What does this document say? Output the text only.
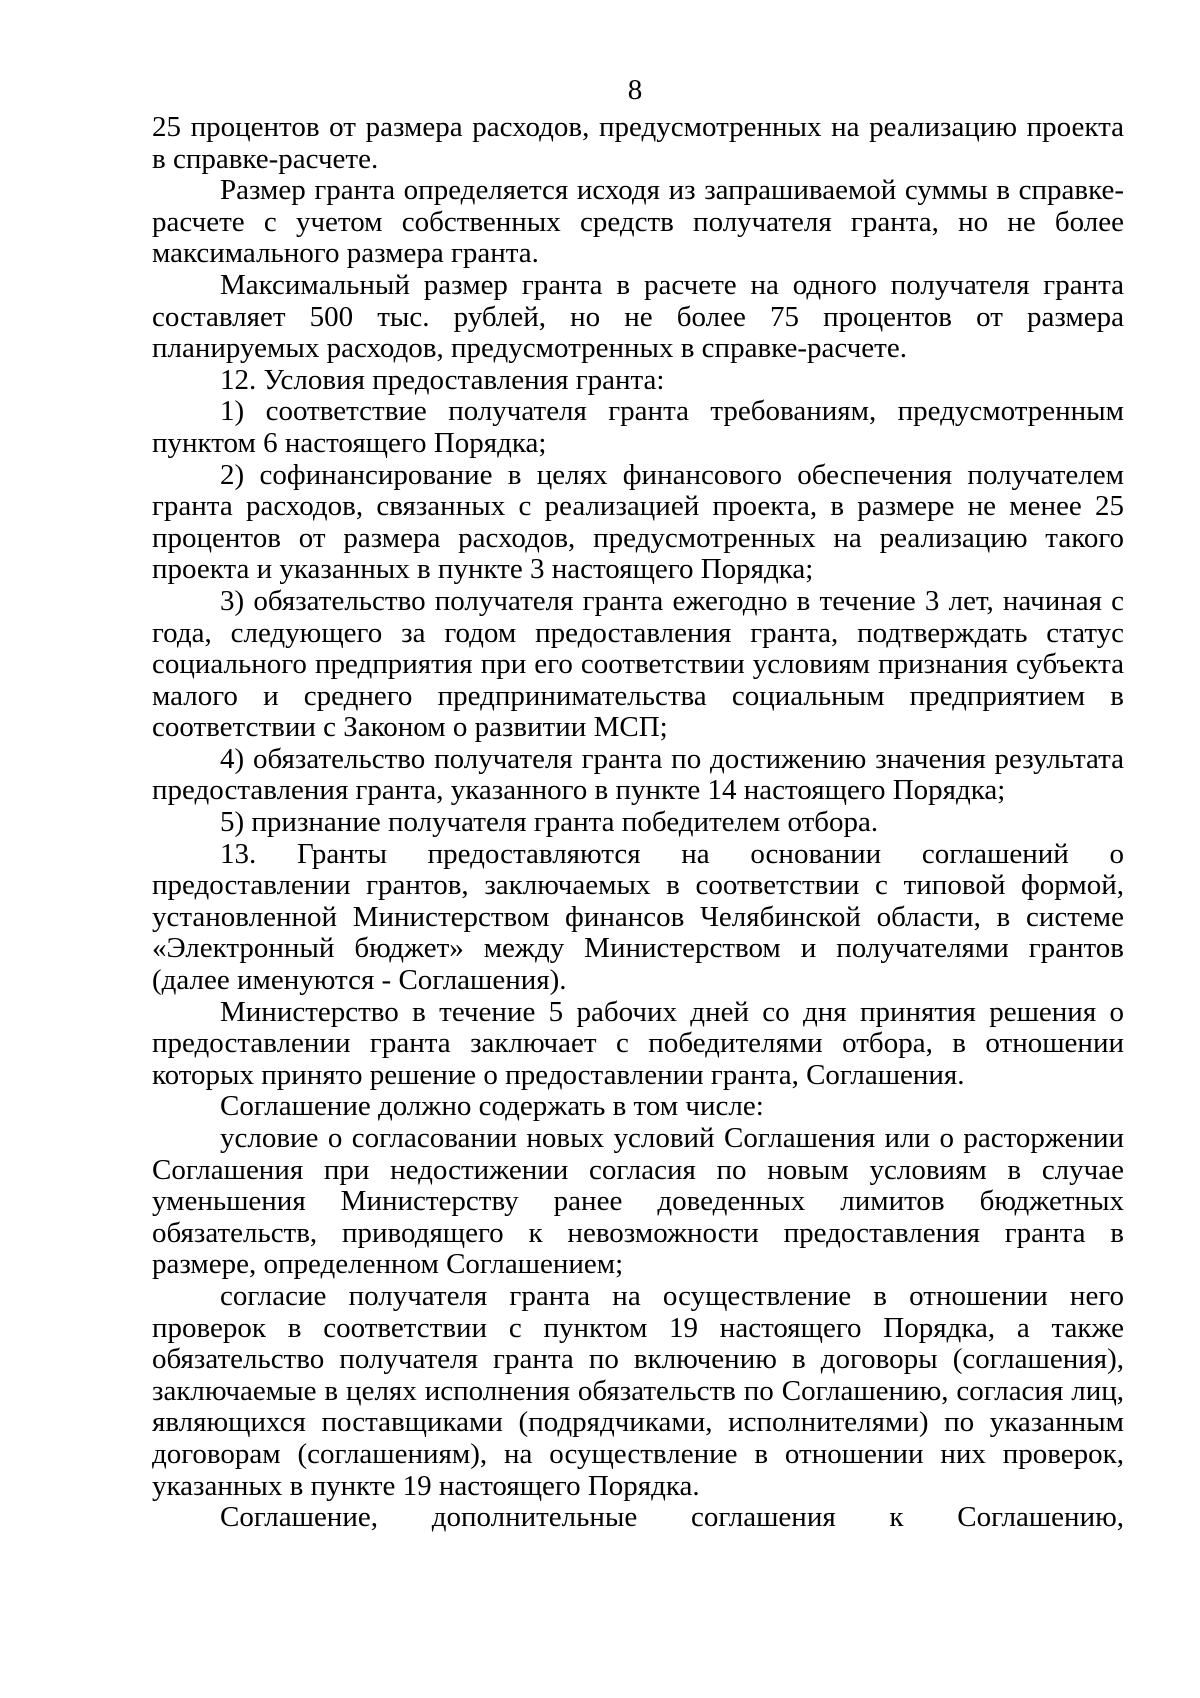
8

25 процентов от размера расходов, предусмотренных на реализацию проекта в справке-расчете.

Размер гранта определяется исходя из запрашиваемой суммы в справке-расчете с учетом собственных средств получателя гранта, но не более максимального размера гранта.

Максимальный размер гранта в расчете на одного получателя гранта составляет 500 тыс. рублей, но не более 75 процентов от размера планируемых расходов, предусмотренных в справке-расчете.

12. Условия предоставления гранта:

1) соответствие получателя гранта требованиям, предусмотренным пунктом 6 настоящего Порядка;

2) софинансирование в целях финансового обеспечения получателем гранта расходов, связанных с реализацией проекта, в размере не менее 25 процентов от размера расходов, предусмотренных на реализацию такого проекта и указанных в пункте 3 настоящего Порядка;

3) обязательство получателя гранта ежегодно в течение 3 лет, начиная с года, следующего за годом предоставления гранта, подтверждать статус социального предприятия при его соответствии условиям признания субъекта малого и среднего предпринимательства социальным предприятием в соответствии с Законом о развитии МСП;

4) обязательство получателя гранта по достижению значения результата предоставления гранта, указанного в пункте 14 настоящего Порядка;

5) признание получателя гранта победителем отбора.

13. Гранты предоставляются на основании соглашений о предоставлении грантов, заключаемых в соответствии с типовой формой, установленной Министерством финансов Челябинской области, в системе «Электронный бюджет» между Министерством и получателями грантов (далее именуются - Соглашения).

Министерство в течение 5 рабочих дней со дня принятия решения о предоставлении гранта заключает с победителями отбора, в отношении которых принято решение о предоставлении гранта, Соглашения.

Соглашение должно содержать в том числе:

условие о согласовании новых условий Соглашения или о расторжении Соглашения при недостижении согласия по новым условиям в случае уменьшения Министерству ранее доведенных лимитов бюджетных обязательств, приводящего к невозможности предоставления гранта в размере, определенном Соглашением;

согласие получателя гранта на осуществление в отношении него проверок в соответствии с пунктом 19 настоящего Порядка, а также обязательство получателя гранта по включению в договоры (соглашения), заключаемые в целях исполнения обязательств по Соглашению, согласия лиц, являющихся поставщиками (подрядчиками, исполнителями) по указанным договорам (соглашениям), на осуществление в отношении них проверок, указанных в пункте 19 настоящего Порядка.

Соглашение, дополнительные соглашения к Соглашению,
